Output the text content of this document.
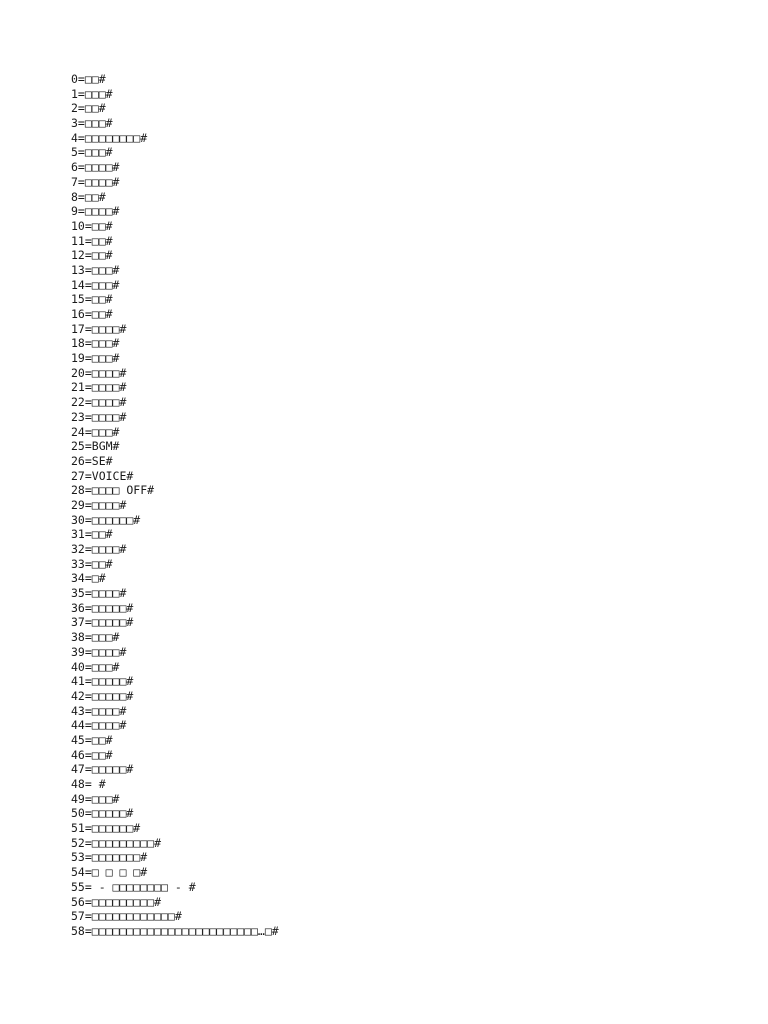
0=□□#
1=□□□#
2=□□#
3=□□□#
4=□□□□□□□□#
5=□□□#
6=□□□□#
7=□□□□#
8=□□#
9=□□□□#
10=□□#
11=□□#
12=□□#
13=□□□#
14=□□□#
15=□□#
16=□□#
17=□□□□#
18=□□□#
19=□□□#
20=□□□□#
21=□□□□#
22=□□□□#
23=□□□□#
24=□□□#
25=BGM#
26=SE#
27=VOICE#
28=□□□□ OFF#
29=□□□□#
30=□□□□□□#
31=□□#
32=□□□□#
33=□□#
34=□#
35=□□□□#
36=□□□□□#
37=□□□□□#
38=□□□#
39=□□□□#
40=□□□#
41=□□□□□#
42=□□□□□#
43=□□□□#
44=□□□□#
45=□□#
46=□□#
47=□□□□□#
48= #
49=□□□#
50=□□□□□#
51=□□□□□□#
52=□□□□□□□□□#
53=□□□□□□□#
54=□ □ □ □#
55= - □□□□□□□□ - #
56=□□□□□□□□□#
57=□□□□□□□□□□□□#
58=□□□□□□□□□□□□□□□□□□□□□□□□…□#
